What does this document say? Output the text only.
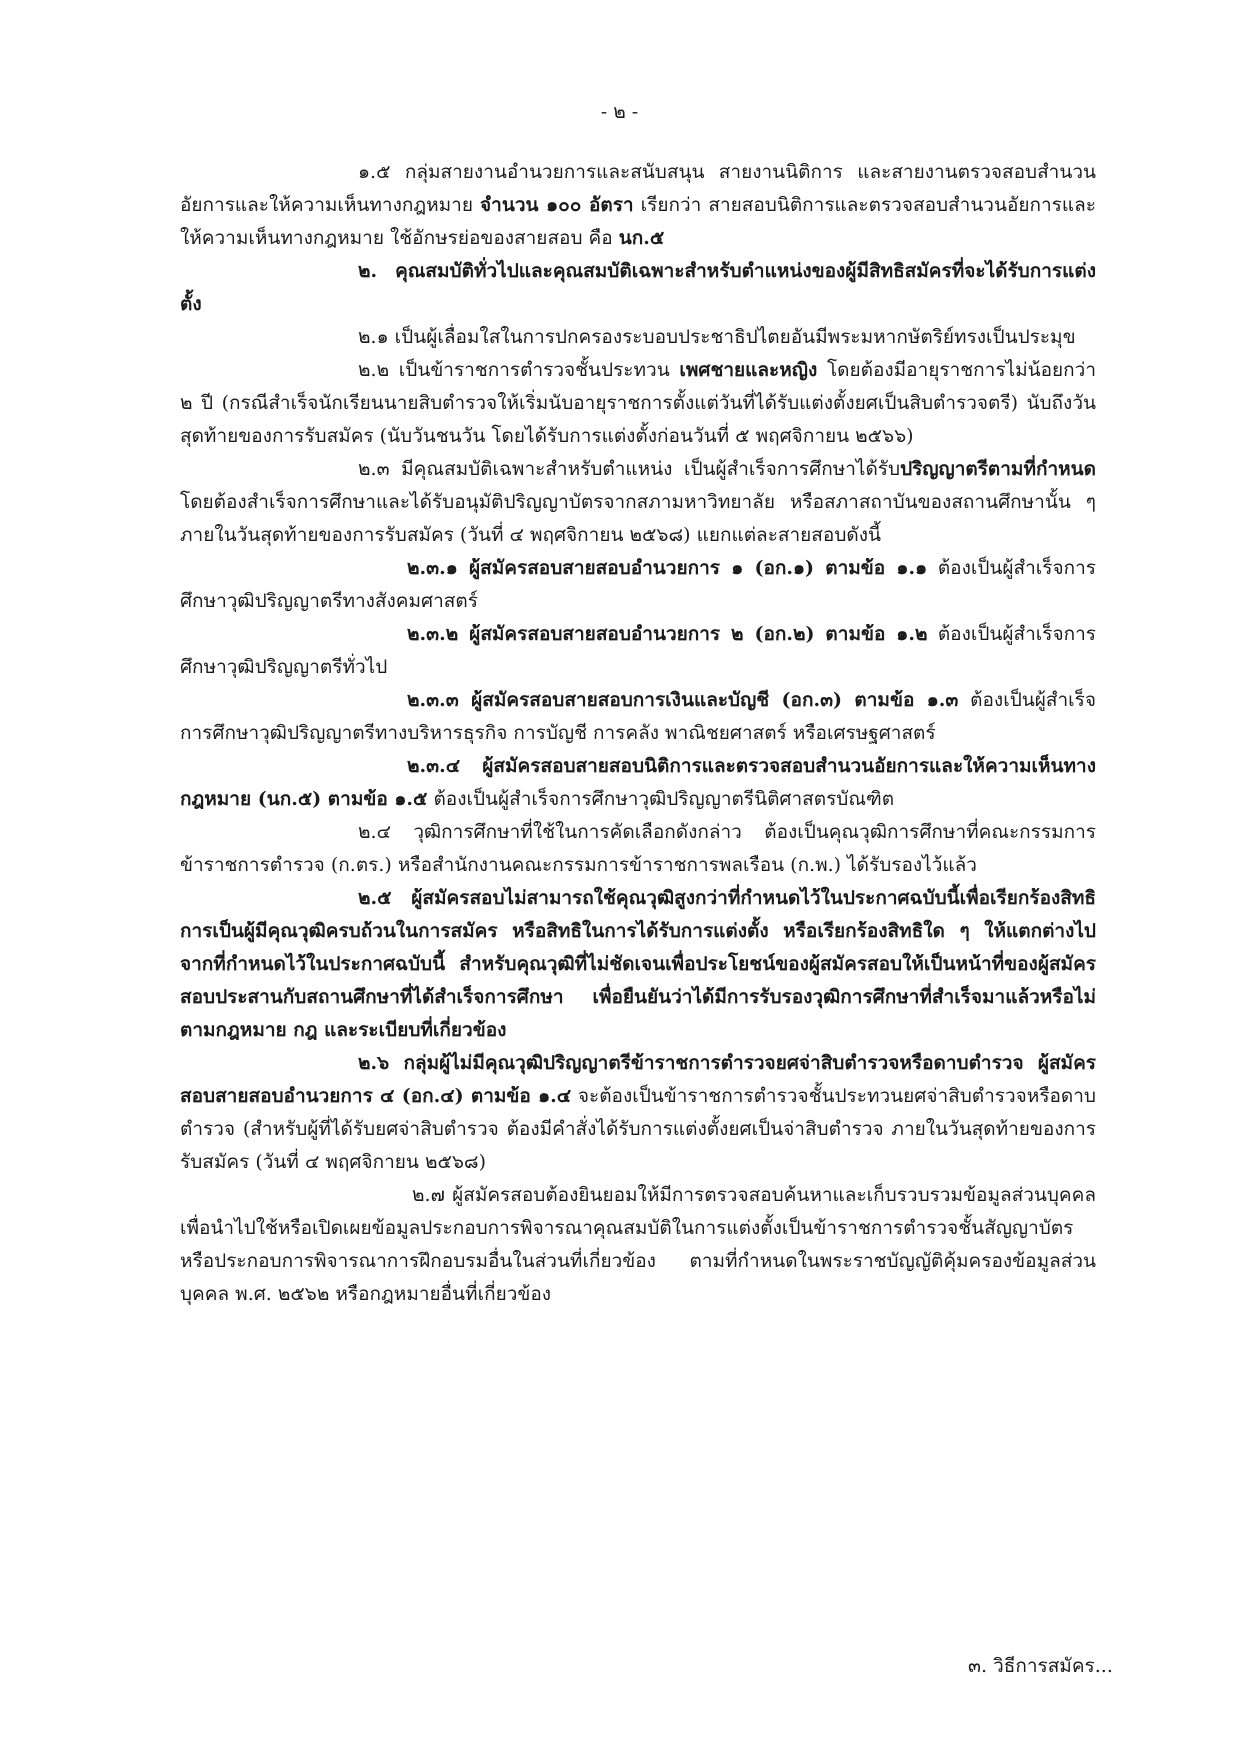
- ๒ -

๑.๕ กลุ่มสายงานอำนวยการและสนับสนุน สายงานนิติการ และสายงานตรวจสอบสำนวนอัยการและให้ความเห็นทางกฎหมาย จำนวน ๑๐๐ อัตรา เรียกว่า สายสอบนิติการและตรวจสอบสำนวนอัยการและให้ความเห็นทางกฎหมาย ใช้อักษรย่อของสายสอบ คือ นก.๕

๒. คุณสมบัติทั่วไปและคุณสมบัติเฉพาะสำหรับตำแหน่งของผู้มีสิทธิสมัครที่จะได้รับการแต่งตั้ง

๒.๑ เป็นผู้เลื่อมใสในการปกครองระบอบประชาธิปไตยอันมีพระมหากษัตริย์ทรงเป็นประมุข

๒.๒ เป็นข้าราชการตำรวจชั้นประทวน เพศชายและหญิง โดยต้องมีอายุราชการไม่น้อยกว่า ๒ ปี (กรณีสำเร็จนักเรียนนายสิบตำรวจให้เริ่มนับอายุราชการตั้งแต่วันที่ได้รับแต่งตั้งยศเป็นสิบตำรวจตรี) นับถึงวันสุดท้ายของการรับสมัคร (นับวันชนวัน โดยได้รับการแต่งตั้งก่อนวันที่ ๕ พฤศจิกายน ๒๕๖๖)

๒.๓ มีคุณสมบัติเฉพาะสำหรับตำแหน่ง เป็นผู้สำเร็จการศึกษาได้รับปริญญาตรีตามที่กำหนด โดยต้องสำเร็จการศึกษาและได้รับอนุมัติปริญญาบัตรจากสภามหาวิทยาลัย หรือสภาสถาบันของสถานศึกษานั้น ๆ ภายในวันสุดท้ายของการรับสมัคร (วันที่ ๔ พฤศจิกายน ๒๕๖๘) แยกแต่ละสายสอบดังนี้

๒.๓.๑ ผู้สมัครสอบสายสอบอำนวยการ ๑ (อก.๑) ตามข้อ ๑.๑ ต้องเป็นผู้สำเร็จการศึกษาวุฒิปริญญาตรีทางสังคมศาสตร์

๒.๓.๒ ผู้สมัครสอบสายสอบอำนวยการ ๒ (อก.๒) ตามข้อ ๑.๒ ต้องเป็นผู้สำเร็จการศึกษาวุฒิปริญญาตรีทั่วไป

๒.๓.๓ ผู้สมัครสอบสายสอบการเงินและบัญชี (อก.๓) ตามข้อ ๑.๓ ต้องเป็นผู้สำเร็จการศึกษาวุฒิปริญญาตรีทางบริหารธุรกิจ การบัญชี การคลัง พาณิชยศาสตร์ หรือเศรษฐศาสตร์

๒.๓.๔ ผู้สมัครสอบสายสอบนิติการและตรวจสอบสำนวนอัยการและให้ความเห็นทางกฎหมาย (นก.๕) ตามข้อ ๑.๕ ต้องเป็นผู้สำเร็จการศึกษาวุฒิปริญญาตรีนิติศาสตรบัณฑิต

๒.๔ วุฒิการศึกษาที่ใช้ในการคัดเลือกดังกล่าว ต้องเป็นคุณวุฒิการศึกษาที่คณะกรรมการข้าราชการตำรวจ (ก.ตร.) หรือสำนักงานคณะกรรมการข้าราชการพลเรือน (ก.พ.) ได้รับรองไว้แล้ว

๒.๕ ผู้สมัครสอบไม่สามารถใช้คุณวุฒิสูงกว่าที่กำหนดไว้ในประกาศฉบับนี้เพื่อเรียกร้องสิทธิการเป็นผู้มีคุณวุฒิครบถ้วนในการสมัคร หรือสิทธิในการได้รับการแต่งตั้ง หรือเรียกร้องสิทธิใด ๆ ให้แตกต่างไปจากที่กำหนดไว้ในประกาศฉบับนี้ สำหรับคุณวุฒิที่ไม่ชัดเจนเพื่อประโยชน์ของผู้สมัครสอบให้เป็นหน้าที่ของผู้สมัครสอบประสานกับสถานศึกษาที่ได้สำเร็จการศึกษา เพื่อยืนยันว่าได้มีการรับรองวุฒิการศึกษาที่สำเร็จมาแล้วหรือไม่ ตามกฎหมาย กฎ และระเบียบที่เกี่ยวข้อง

๒.๖ กลุ่มผู้ไม่มีคุณวุฒิปริญญาตรีข้าราชการตำรวจยศจ่าสิบตำรวจหรือดาบตำรวจ ผู้สมัครสอบสายสอบอำนวยการ ๔ (อก.๔) ตามข้อ ๑.๔ จะต้องเป็นข้าราชการตำรวจชั้นประทวนยศจ่าสิบตำรวจหรือดาบตำรวจ (สำหรับผู้ที่ได้รับยศจ่าสิบตำรวจ ต้องมีคำสั่งได้รับการแต่งตั้งยศเป็นจ่าสิบตำรวจ ภายในวันสุดท้ายของการรับสมัคร (วันที่ ๔ พฤศจิกายน ๒๕๖๘)

๒.๗ ผู้สมัครสอบต้องยินยอมให้มีการตรวจสอบค้นหาและเก็บรวบรวมข้อมูลส่วนบุคคลเพื่อนำไปใช้หรือเปิดเผยข้อมูลประกอบการพิจารณาคุณสมบัติในการแต่งตั้งเป็นข้าราชการตำรวจชั้นสัญญาบัตร หรือประกอบการพิจารณาการฝึกอบรมอื่นในส่วนที่เกี่ยวข้อง ตามที่กำหนดในพระราชบัญญัติคุ้มครองข้อมูลส่วนบุคคล พ.ศ. ๒๕๖๒ หรือกฎหมายอื่นที่เกี่ยวข้อง

๓. วิธีการสมัคร...
